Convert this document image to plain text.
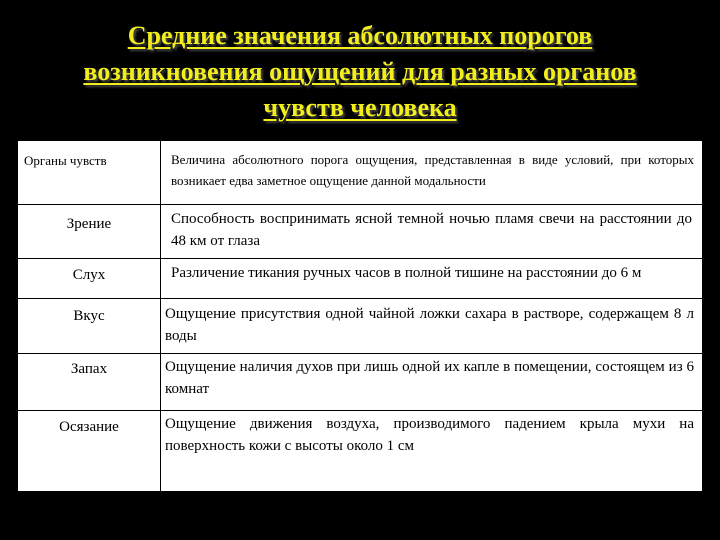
Средние значения абсолютных порогов
возникновения ощущений для разных органов
чувств человека
Органы чувств	Величина абсолютного порога ощущения, представленная в виде условий, при которых возникает едва заметное ощущение данной модальности
Зрение	Способность воспринимать ясной темной ночью пламя свечи на расстоянии до 48 км от глаза
Слух	Различение тикания ручных часов в полной тишине на расстоянии до 6 м
Вкус	Ощущение присутствия одной чайной ложки сахара в растворе, содержащем 8 л воды
Запах	Ощущение наличия духов при лишь одной их капле в помещении, состоящем из 6 комнат
Осязание	Ощущение движения воздуха, производимого падением крыла мухи на поверхность кожи с высоты около 1 см
